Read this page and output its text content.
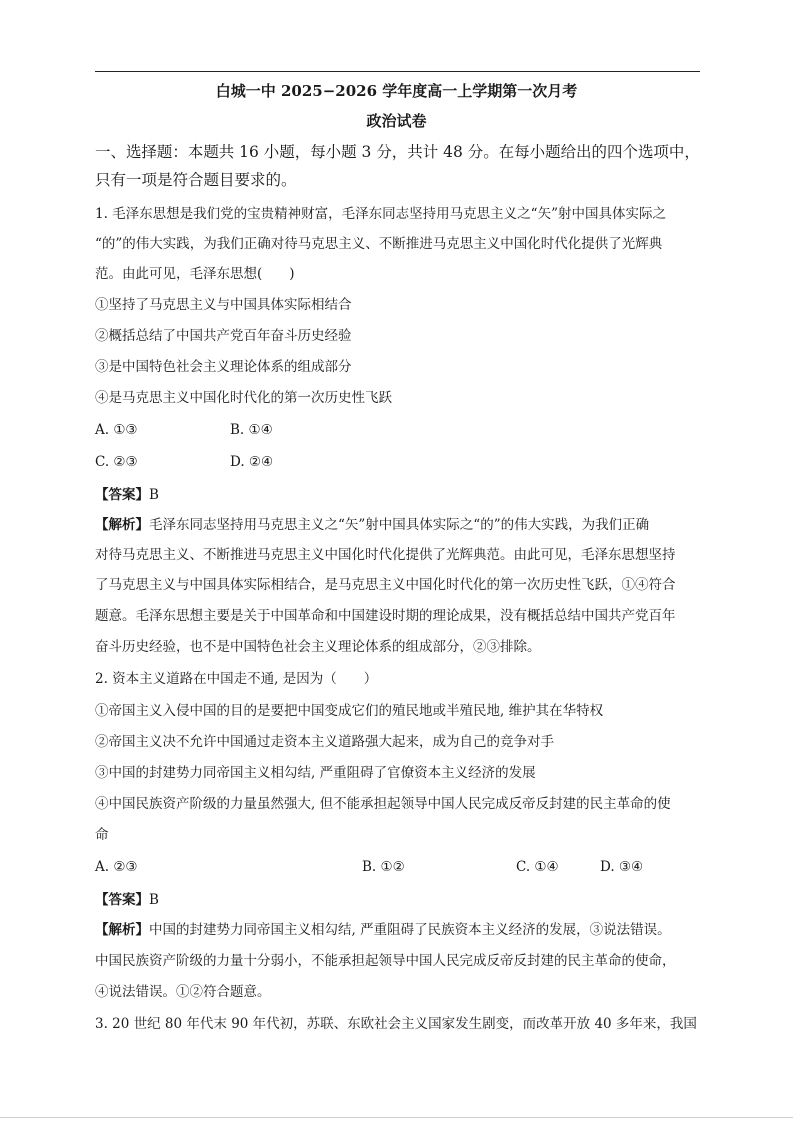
白城一中 2025−2026 学年度高一上学期第一次月考
政治试卷
一、选择题：本题共 16 小题，每小题 3 分，共计 48 分。在每小题给出的四个选项中，
只有一项是符合题目要求的。
1. 毛泽东思想是我们党的宝贵精神财富，毛泽东同志坚持用马克思主义之“矢”射中国具体实际之
“的”的伟大实践，为我们正确对待马克思主义、不断推进马克思主义中国化时代化提供了光辉典
范。由此可见，毛泽东思想(　　)
①坚持了马克思主义与中国具体实际相结合
②概括总结了中国共产党百年奋斗历史经验
③是中国特色社会主义理论体系的组成部分
④是马克思主义中国化时代化的第一次历史性飞跃
A. ①③	B. ①④
C. ②③	D. ②④
【答案】B
【解析】毛泽东同志坚持用马克思主义之“矢”射中国具体实际之“的”的伟大实践，为我们正确
对待马克思主义、不断推进马克思主义中国化时代化提供了光辉典范。由此可见，毛泽东思想坚持
了马克思主义与中国具体实际相结合，是马克思主义中国化时代化的第一次历史性飞跃，①④符合
题意。毛泽东思想主要是关于中国革命和中国建设时期的理论成果，没有概括总结中国共产党百年
奋斗历史经验，也不是中国特色社会主义理论体系的组成部分，②③排除。
2. 资本主义道路在中国走不通, 是因为（　　）
①帝国主义入侵中国的目的是要把中国变成它们的殖民地或半殖民地, 维护其在华特权
②帝国主义决不允许中国通过走资本主义道路强大起来，成为自己的竞争对手
③中国的封建势力同帝国主义相勾结, 严重阻碍了官僚资本主义经济的发展
④中国民族资产阶级的力量虽然强大, 但不能承担起领导中国人民完成反帝反封建的民主革命的使
命
A. ②③	B. ①②	C. ①④	D. ③④
【答案】B
【解析】中国的封建势力同帝国主义相勾结, 严重阻碍了民族资本主义经济的发展，③说法错误。
中国民族资产阶级的力量十分弱小，不能承担起领导中国人民完成反帝反封建的民主革命的使命，
④说法错误。①②符合题意。
3. 20 世纪 80 年代末 90 年代初，苏联、东欧社会主义国家发生剧变，而改革开放 40 多年来，我国
